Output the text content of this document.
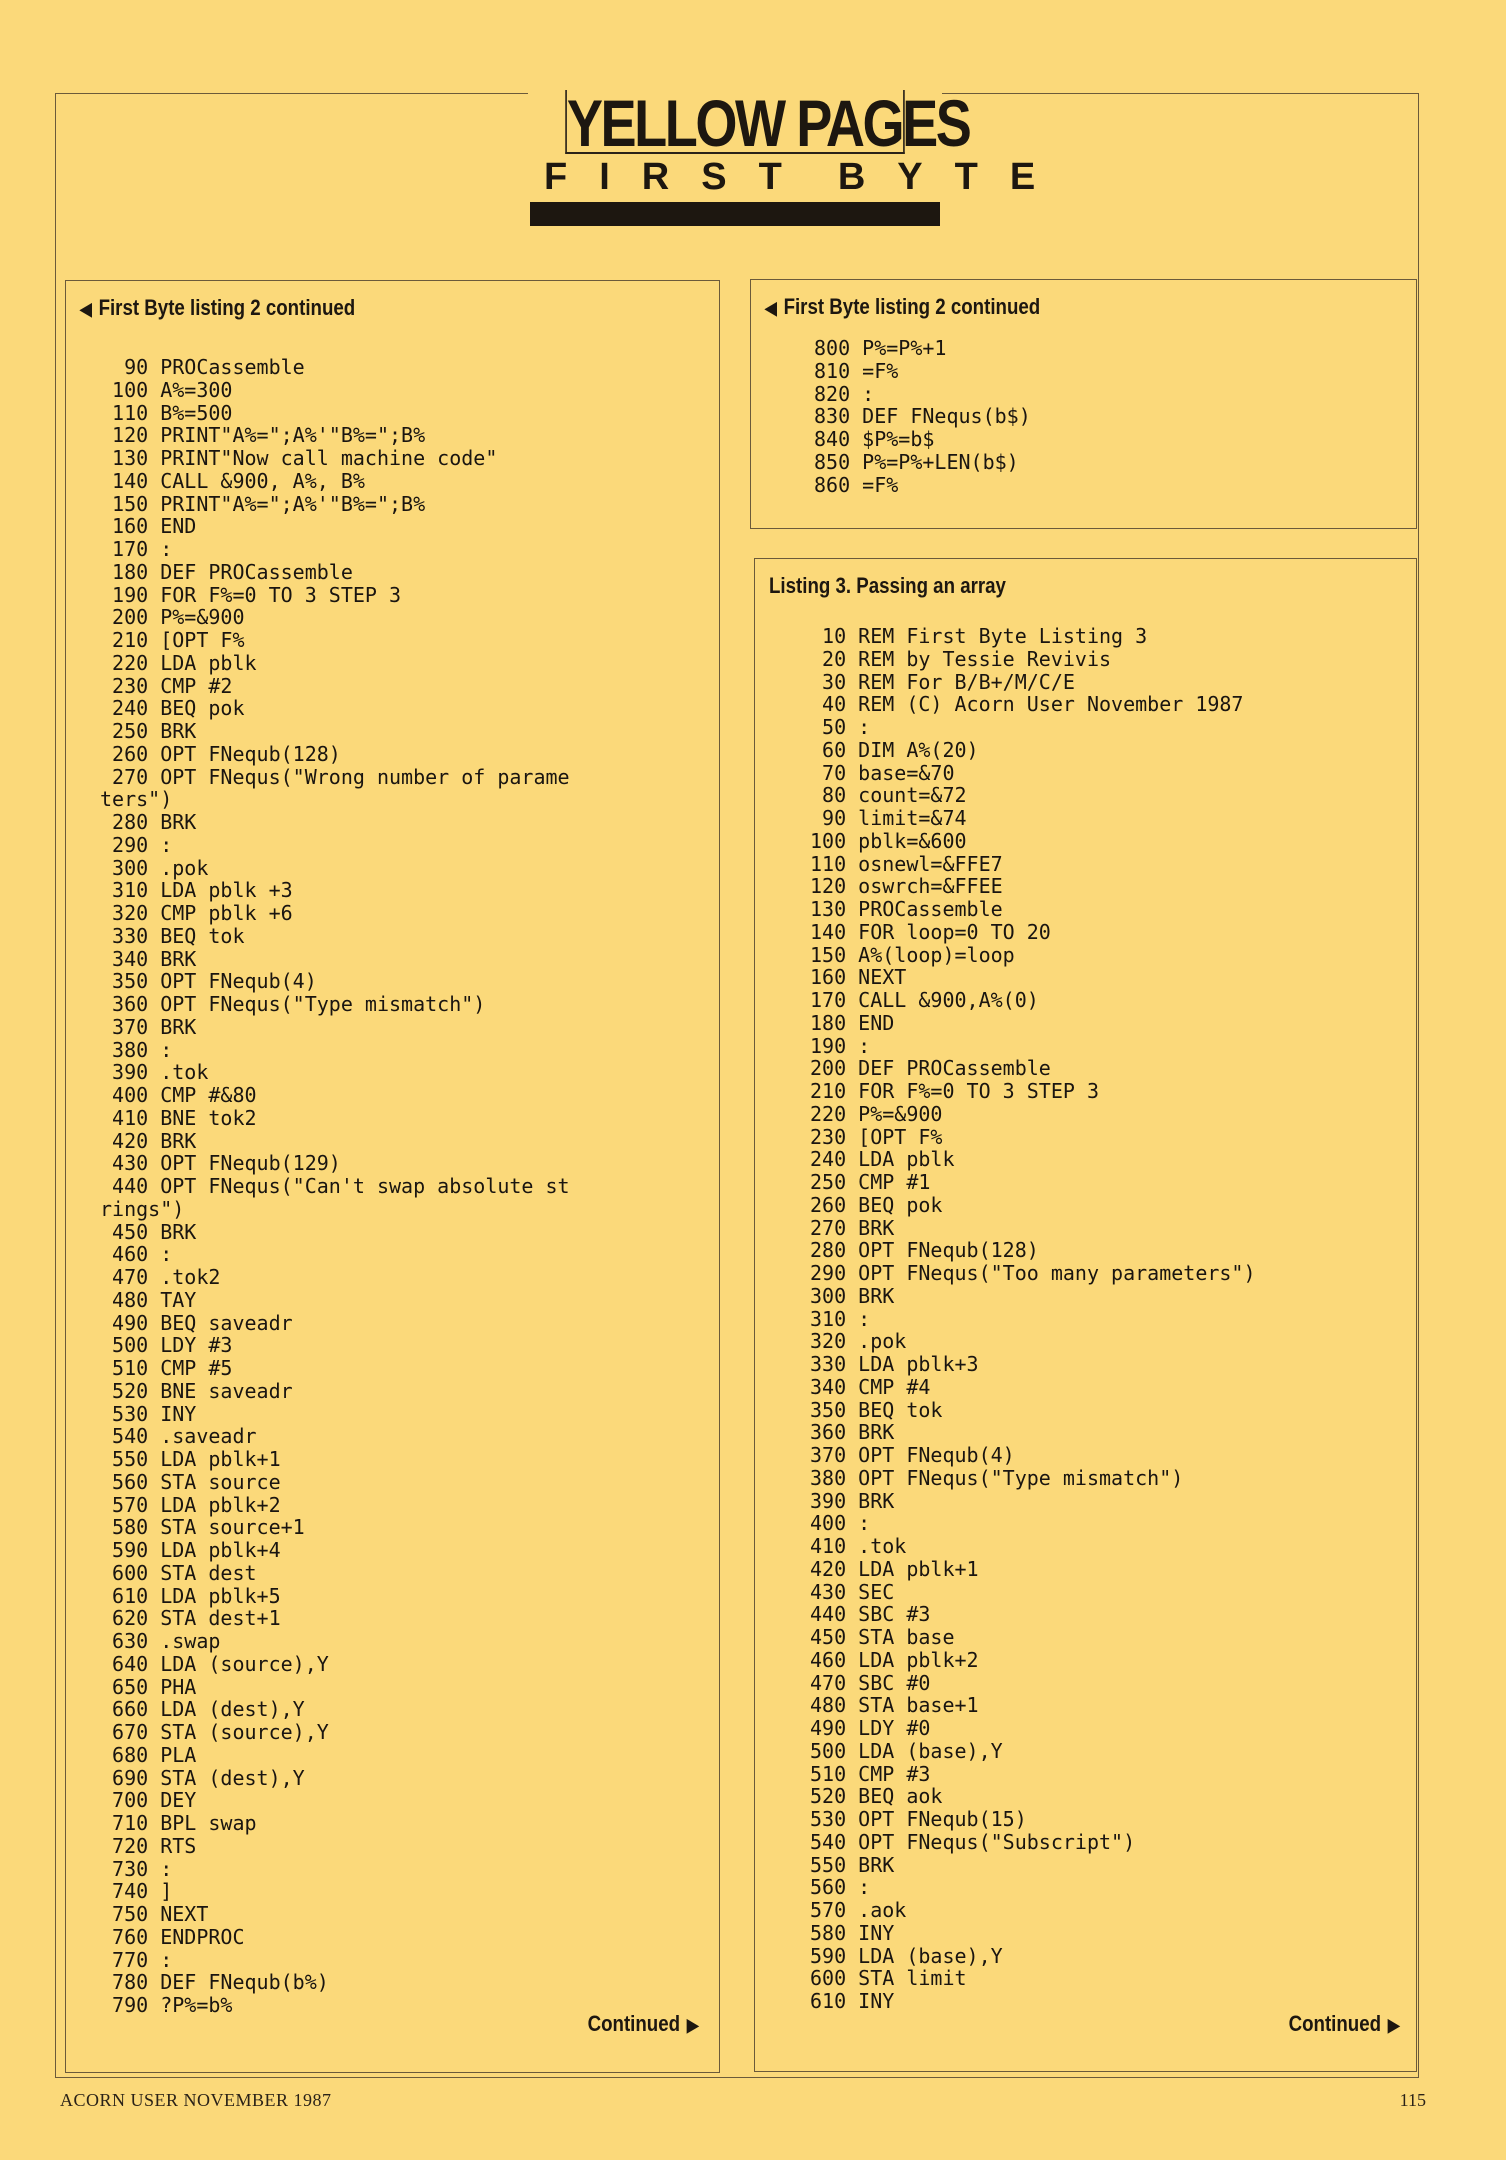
YELLOW PAGES
F I R S T B Y T E
◀ First Byte listing 2 continued
90 PROCassemble
100 A%=300
110 B%=500
120 PRINT"A%=";A%'"B%=";B%
130 PRINT"Now call machine code"
140 CALL &900, A%, B%
150 PRINT"A%=";A%'"B%=";B%
160 END
170 :
180 DEF PROCassemble
190 FOR F%=0 TO 3 STEP 3
200 P%=&900
210 [OPT F%
220 LDA pblk
230 CMP #2
240 BEQ pok
250 BRK
260 OPT FNequb(128)
270 OPT FNequs("Wrong number of parame
ters")
280 BRK
290 :
300 .pok
310 LDA pblk +3
320 CMP pblk +6
330 BEQ tok
340 BRK
350 OPT FNequb(4)
360 OPT FNequs("Type mismatch")
370 BRK
380 :
390 .tok
400 CMP #&80
410 BNE tok2
420 BRK
430 OPT FNequb(129)
440 OPT FNequs("Can't swap absolute st
rings")
450 BRK
460 :
470 .tok2
480 TAY
490 BEQ saveadr
500 LDY #3
510 CMP #5
520 BNE saveadr
530 INY
540 .saveadr
550 LDA pblk+1
560 STA source
570 LDA pblk+2
580 STA source+1
590 LDA pblk+4
600 STA dest
610 LDA pblk+5
620 STA dest+1
630 .swap
640 LDA (source),Y
650 PHA
660 LDA (dest),Y
670 STA (source),Y
680 PLA
690 STA (dest),Y
700 DEY
710 BPL swap
720 RTS
730 :
740 ]
750 NEXT
760 ENDPROC
770 :
780 DEF FNequb(b%)
790 ?P%=b%
Continued ▶
◀ First Byte listing 2 continued
800 P%=P%+1
810 =F%
820 :
830 DEF FNequs(b$)
840 $P%=b$
850 P%=P%+LEN(b$)
860 =F%
Listing 3. Passing an array
10 REM First Byte Listing 3
20 REM by Tessie Revivis
30 REM For B/B+/M/C/E
40 REM (C) Acorn User November 1987
50 :
60 DIM A%(20)
70 base=&70
80 count=&72
90 limit=&74
100 pblk=&600
110 osnewl=&FFE7
120 oswrch=&FFEE
130 PROCassemble
140 FOR loop=0 TO 20
150 A%(loop)=loop
160 NEXT
170 CALL &900,A%(0)
180 END
190 :
200 DEF PROCassemble
210 FOR F%=0 TO 3 STEP 3
220 P%=&900
230 [OPT F%
240 LDA pblk
250 CMP #1
260 BEQ pok
270 BRK
280 OPT FNequb(128)
290 OPT FNequs("Too many parameters")
300 BRK
310 :
320 .pok
330 LDA pblk+3
340 CMP #4
350 BEQ tok
360 BRK
370 OPT FNequb(4)
380 OPT FNequs("Type mismatch")
390 BRK
400 :
410 .tok
420 LDA pblk+1
430 SEC
440 SBC #3
450 STA base
460 LDA pblk+2
470 SBC #0
480 STA base+1
490 LDY #0
500 LDA (base),Y
510 CMP #3
520 BEQ aok
530 OPT FNequb(15)
540 OPT FNequs("Subscript")
550 BRK
560 :
570 .aok
580 INY
590 LDA (base),Y
600 STA limit
610 INY
Continued ▶
ACORN USER NOVEMBER 1987	115
